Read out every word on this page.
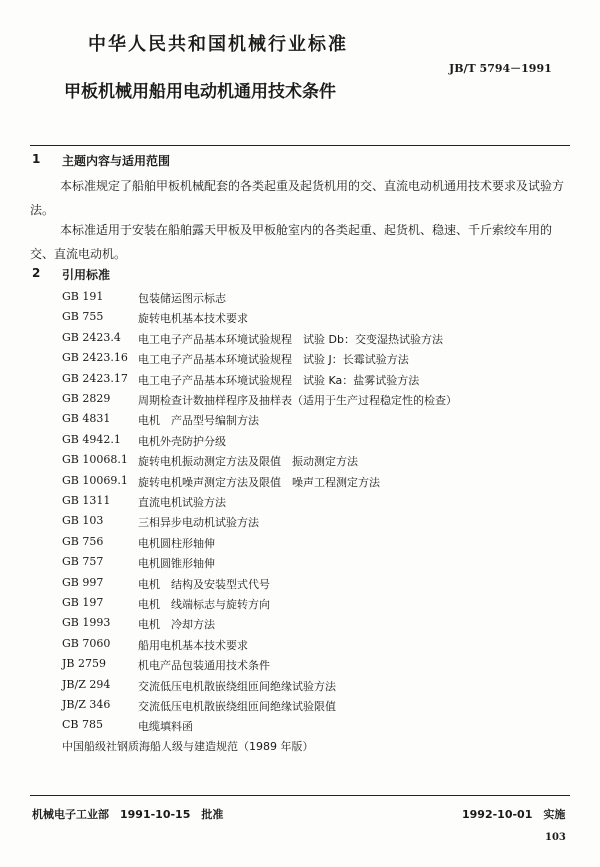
中华人民共和国机械行业标准
JB/T 5794－1991
甲板机械用船用电动机通用技术条件
1 主题内容与适用范围
本标准规定了船舶甲板机械配套的各类起重及起货机用的交、直流电动机通用技术要求及试验方法。
本标准适用于安装在船舶露天甲板及甲板舱室内的各类起重、起货机、稳速、千斤索绞车用的交、直流电动机。
2 引用标准
GB 191	包装储运图示标志
GB 755	旋转电机基本技术要求
GB 2423.4 电工电子产品基本环境试验规程　试验 Db：交变湿热试验方法
GB 2423.16 电工电子产品基本环境试验规程　试验 J：长霉试验方法
GB 2423.17 电工电子产品基本环境试验规程　试验 Ka：盐雾试验方法
GB 2829	周期检查计数抽样程序及抽样表（适用于生产过程稳定性的检查）
GB 4831	电机　产品型号编制方法
GB 4942.1 电机外壳防护分级
GB 10068.1 旋转电机振动测定方法及限值　振动测定方法
GB 10069.1 旋转电机噪声测定方法及限值　噪声工程测定方法
GB 1311	直流电机试验方法
GB 103	三相异步电动机试验方法
GB 756	电机圆柱形轴伸
GB 757	电机圆锥形轴伸
GB 997	电机　结构及安装型式代号
GB 197	电机　线端标志与旋转方向
GB 1993	电机　冷却方法
GB 7060	船用电机基本技术要求
JB 2759	机电产品包装通用技术条件
JB/Z 294	交流低压电机散嵌绕组匝间绝缘试验方法
JB/Z 346	交流低压电机散嵌绕组匝间绝缘试验限值
CB 785	电缆填料函
中国船级社钢质海船人级与建造规范（1989 年版）
机械电子工业部　1991-10-15　批准	1992-10-01　实施
103
